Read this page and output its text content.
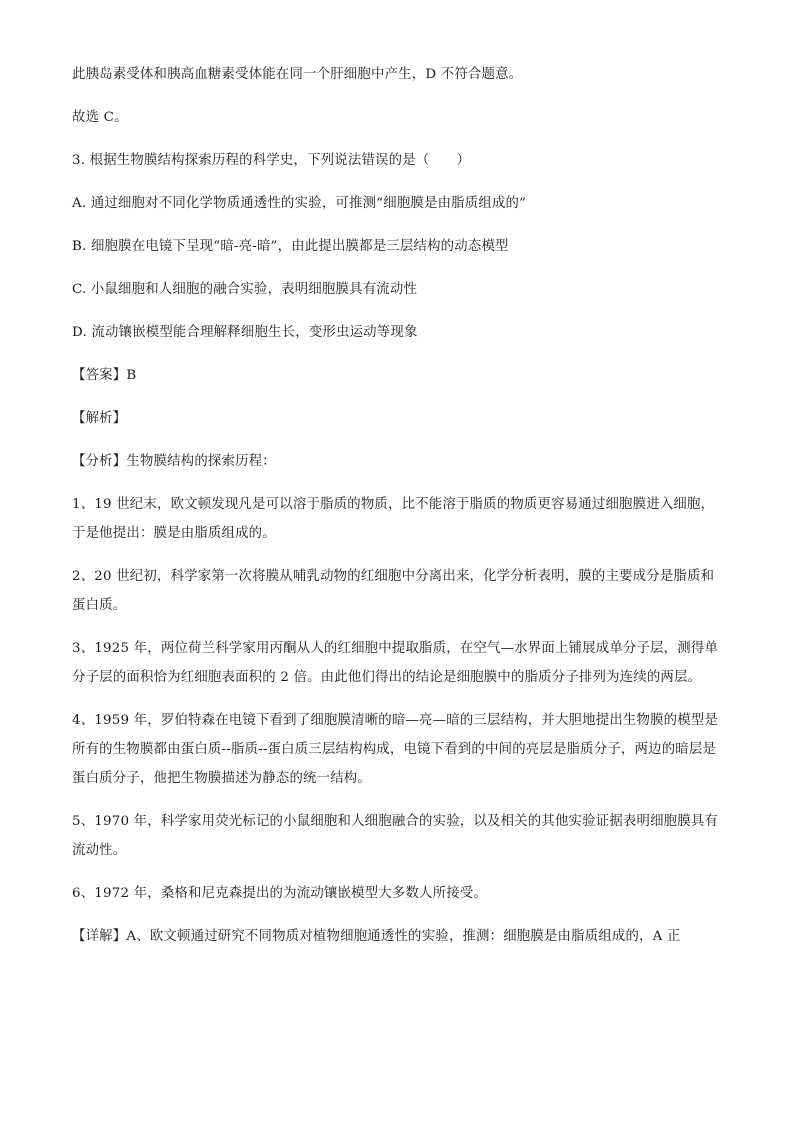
此胰岛素受体和胰高血糖素受体能在同一个肝细胞中产生，D 不符合题意。

故选 C。

3. 根据生物膜结构探索历程的科学史，下列说法错误的是（　　）

A. 通过细胞对不同化学物质通透性的实验，可推测“细胞膜是由脂质组成的”

B. 细胞膜在电镜下呈现“暗-亮-暗”，由此提出膜都是三层结构的动态模型

C. 小鼠细胞和人细胞的融合实验，表明细胞膜具有流动性

D. 流动镶嵌模型能合理解释细胞生长，变形虫运动等现象

【答案】B

【解析】

【分析】生物膜结构的探索历程：

1、19 世纪末，欧文顿发现凡是可以溶于脂质的物质，比不能溶于脂质的物质更容易通过细胞膜进入细胞，于是他提出：膜是由脂质组成的。

2、20 世纪初，科学家第一次将膜从哺乳动物的红细胞中分离出来，化学分析表明，膜的主要成分是脂质和蛋白质。

3、1925 年，两位荷兰科学家用丙酮从人的红细胞中提取脂质，在空气—水界面上铺展成单分子层，测得单分子层的面积恰为红细胞表面积的 2 倍。由此他们得出的结论是细胞膜中的脂质分子排列为连续的两层。

4、1959 年，罗伯特森在电镜下看到了细胞膜清晰的暗—亮—暗的三层结构，并大胆地提出生物膜的模型是所有的生物膜都由蛋白质--脂质--蛋白质三层结构构成，电镜下看到的中间的亮层是脂质分子，两边的暗层是蛋白质分子，他把生物膜描述为静态的统一结构。

5、1970 年，科学家用荧光标记的小鼠细胞和人细胞融合的实验，以及相关的其他实验证据表明细胞膜具有流动性。

6、1972 年，桑格和尼克森提出的为流动镶嵌模型大多数人所接受。

【详解】A、欧文顿通过研究不同物质对植物细胞通透性的实验，推测：细胞膜是由脂质组成的，A 正
